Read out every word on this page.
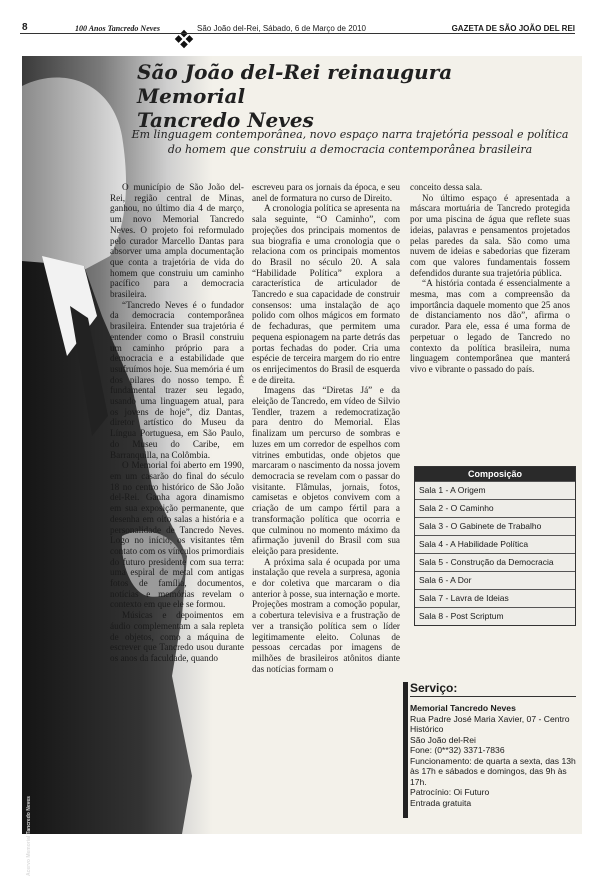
8	100 Anos Tancredo Neves	São João del-Rei, Sábado, 6 de Março de 2010	GAZETA DE SÃO JOÃO DEL REI
Acervo Memorial Tancredo Neves
São João del-Rei reinaugura Memorial
Tancredo Neves
Em linguagem contemporânea, novo espaço narra trajetória pessoal e política do homem que construiu a democracia contemporânea brasileira

O município de São João del-Rei, região central de Minas, ganhou, no último dia 4 de março, um novo Memorial Tancredo Neves. O projeto foi reformulado pelo curador Marcello Dantas para absorver uma ampla documentação que conta a trajetória de vida do homem que construiu um caminho pacífico para a democracia brasileira.

“Tancredo Neves é o fundador da democracia contemporânea brasileira. Entender sua trajetória é entender como o Brasil construiu um caminho próprio para a democracia e a estabilidade que usufruímos hoje. Sua memória é um dos pilares do nosso tempo. É fundamental trazer seu legado, usando uma linguagem atual, para os jovens de hoje”, diz Dantas, diretor artístico do Museu da Língua Portuguesa, em São Paulo, do Museu do Caribe, em Barranquilla, na Colômbia.

O Memorial foi aberto em 1990, em um casarão do final do século 18 no centro histórico de São João del-Rei. Ganha agora dinamismo em sua exposição permanente, que desenha em oito salas a história e a personalidade de Tancredo Neves. Logo no início, os visitantes têm contato com os vínculos primordiais do futuro presidente com sua terra: uma espiral de metal com antigas fotos de família, documentos, notícias e memórias revelam o contexto em que ele se formou.

Músicas e depoimentos em áudio complementam a sala repleta de objetos, como a máquina de escrever que Tancredo usou durante os anos da faculdade, quando

escreveu para os jornais da época, e seu anel de formatura no curso de Direito.

A cronologia política se apresenta na sala seguinte, “O Caminho”, com projeções dos principais momentos de sua biografia e uma cronologia que o relaciona com os principais momentos do Brasil no século 20. A sala “Habilidade Política” explora a característica de articulador de Tancredo e sua capacidade de construir consensos: uma instalação de aço polido com olhos mágicos em formato de fechaduras, que permitem uma pequena espionagem na parte detrás das portas fechadas do poder. Cria uma espécie de terceira margem do rio entre os enrijecimentos do Brasil de esquerda e de direita.

Imagens das “Diretas Já” e da eleição de Tancredo, em vídeo de Silvio Tendler, trazem a redemocratização para dentro do Memorial. Elas finalizam um percurso de sombras e luzes em um corredor de espelhos com vitrines embutidas, onde objetos que marcaram o nascimento da nossa jovem democracia se revelam com o passar do visitante. Flâmulas, jornais, fotos, camisetas e objetos convivem com a criação de um campo fértil para a transformação política que ocorria e que culminou no momento máximo da afirmação juvenil do Brasil com sua eleição para presidente.

A próxima sala é ocupada por uma instalação que revela a surpresa, agonia e dor coletiva que marcaram o dia anterior à posse, sua internação e morte. Projeções mostram a comoção popular, a cobertura televisiva e a frustração de ver a transição política sem o líder legitimamente eleito. Colunas de pessoas cercadas por imagens de milhões de brasileiros atônitos diante das notícias formam o

conceito dessa sala.

No último espaço é apresentada a máscara mortuária de Tancredo protegida por uma piscina de água que reflete suas ideias, palavras e pensamentos projetados pelas paredes da sala. São como uma nuvem de ideias e sabedorias que fizeram com que valores fundamentais fossem defendidos durante sua trajetória pública.

“A história contada é essencialmente a mesma, mas com a compreensão da importância daquele momento que 25 anos de distanciamento nos dão”, afirma o curador. Para ele, essa é uma forma de perpetuar o legado de Tancredo no contexto da política brasileira, numa linguagem contemporânea que manterá vivo e vibrante o passado do país.

Composição
Sala 1 - A Origem
Sala 2 - O Caminho
Sala 3 - O Gabinete de Trabalho
Sala 4 - A Habilidade Política
Sala 5 - Construção da Democracia
Sala 6 - A Dor
Sala 7 - Lavra de Ideias
Sala 8 - Post Scriptum
Serviço:
Memorial Tancredo Neves
Rua Padre José Maria Xavier, 07 - Centro Histórico
São João del-Rei
Fone: (0**32) 3371-7836
Funcionamento: de quarta a sexta, das 13h às 17h e sábados e domingos, das 9h às 17h.
Patrocínio: Oi Futuro
Entrada gratuita
